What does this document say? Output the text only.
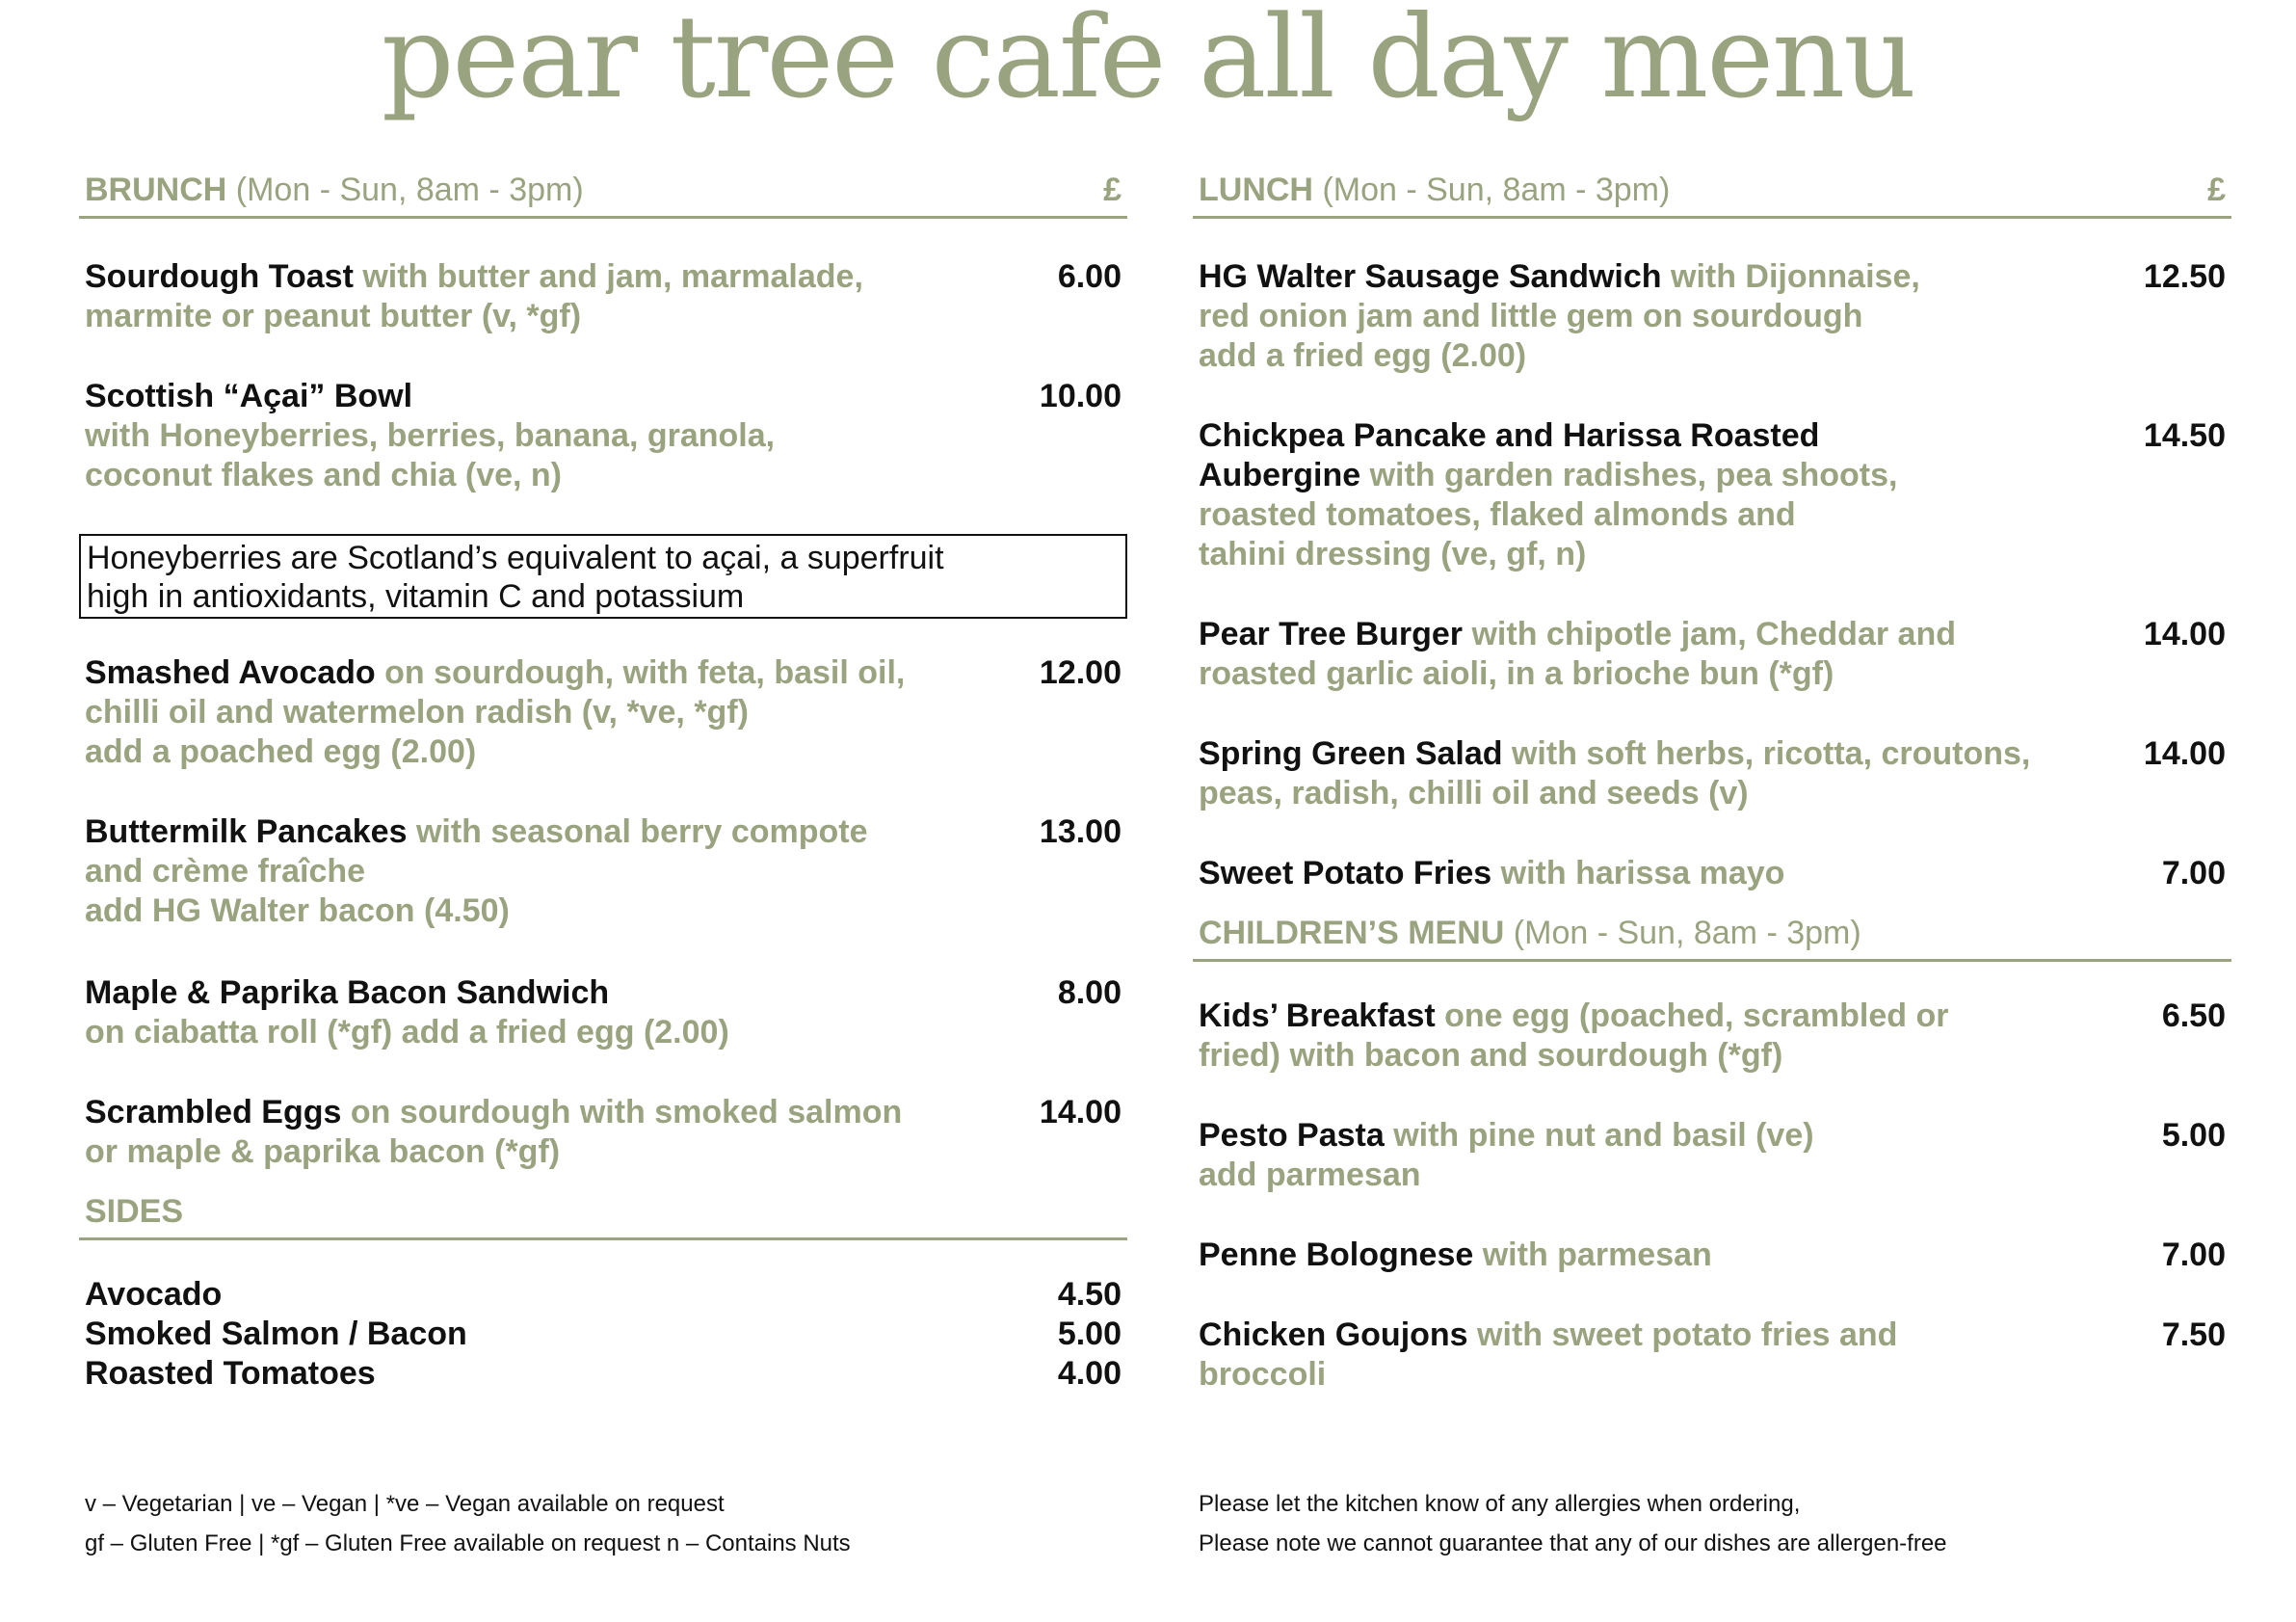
pear tree cafe all day menu
BRUNCH (Mon - Sun, 8am - 3pm)	£
Sourdough Toast with butter and jam, marmalade,
marmite or peanut butter (v, *gf)
6.00
Scottish “Açai” Bowl
with Honeyberries, berries, banana, granola,
coconut flakes and chia (ve, n)
10.00
Honeyberries are Scotland’s equivalent to açai, a superfruit
high in antioxidants, vitamin C and potassium
Smashed Avocado on sourdough, with feta, basil oil,
chilli oil and watermelon radish (v, *ve, *gf)
add a poached egg (2.00)
12.00
Buttermilk Pancakes with seasonal berry compote
and crème fraîche
add HG Walter bacon (4.50)
13.00
Maple & Paprika Bacon Sandwich
on ciabatta roll (*gf) add a fried egg (2.00)
8.00
Scrambled Eggs on sourdough with smoked salmon
or maple & paprika bacon (*gf)
14.00
SIDES
Avocado	4.50
Smoked Salmon / Bacon	5.00
Roasted Tomatoes	4.00
LUNCH (Mon - Sun, 8am - 3pm)	£
HG Walter Sausage Sandwich with Dijonnaise,
red onion jam and little gem on sourdough
add a fried egg (2.00)
12.50
Chickpea Pancake and Harissa Roasted
Aubergine with garden radishes, pea shoots,
roasted tomatoes, flaked almonds and
tahini dressing (ve, gf, n)
14.50
Pear Tree Burger with chipotle jam, Cheddar and
roasted garlic aioli, in a brioche bun (*gf)
14.00
Spring Green Salad with soft herbs, ricotta, croutons,
peas, radish, chilli oil and seeds (v)
14.00
Sweet Potato Fries with harissa mayo	7.00
CHILDREN’S MENU (Mon - Sun, 8am - 3pm)
Kids’ Breakfast one egg (poached, scrambled or
fried) with bacon and sourdough (*gf)
6.50
Pesto Pasta with pine nut and basil (ve)
add parmesan
5.00
Penne Bolognese with parmesan	7.00
Chicken Goujons with sweet potato fries and
broccoli
7.50
v – Vegetarian | ve – Vegan | *ve – Vegan available on request
gf – Gluten Free | *gf – Gluten Free available on request n – Contains Nuts
Please let the kitchen know of any allergies when ordering,
Please note we cannot guarantee that any of our dishes are allergen-free
